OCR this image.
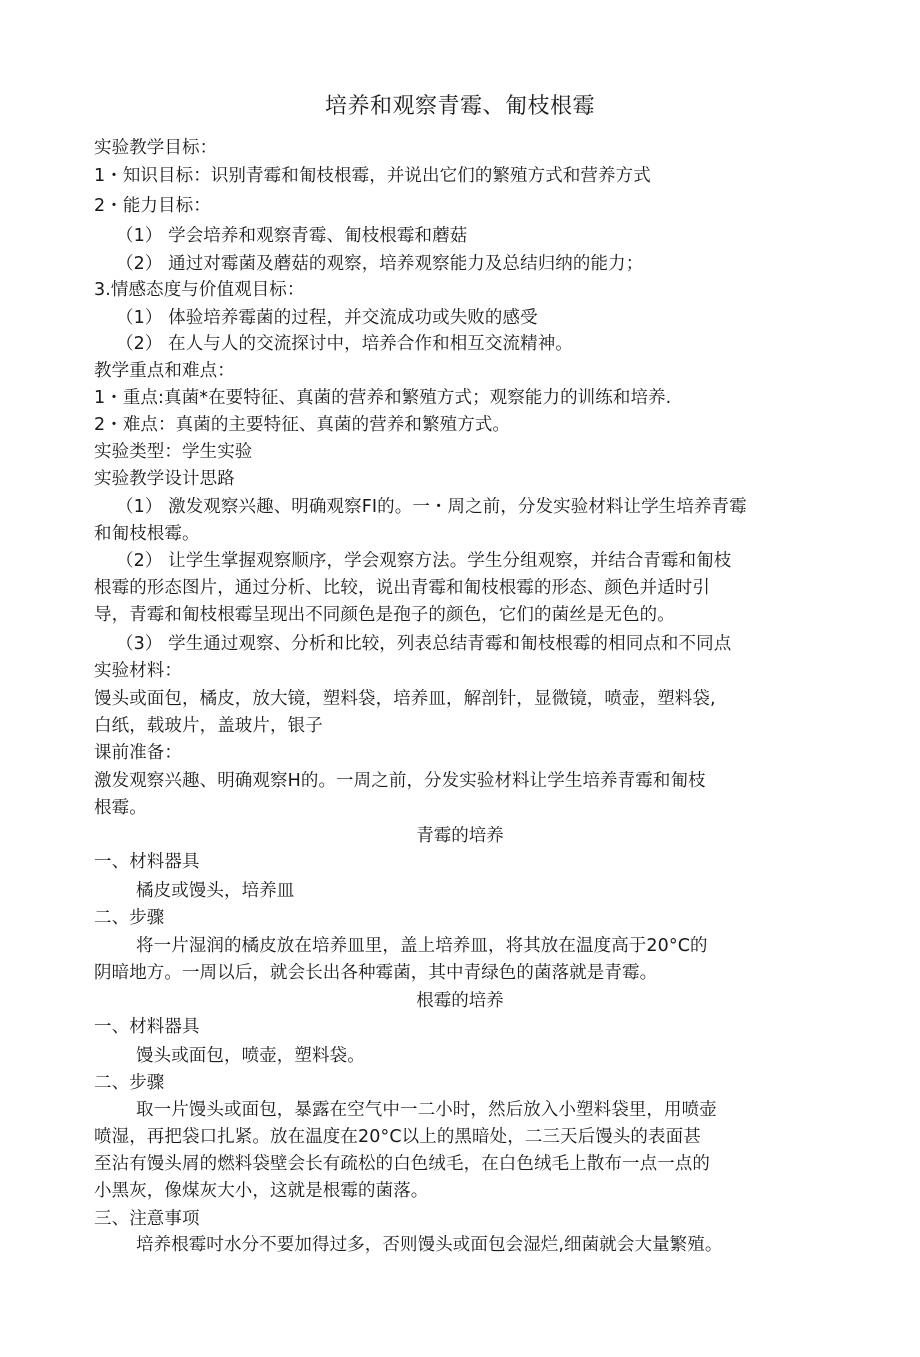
培养和观察青霉、匍枝根霉
实验教学目标：
1・知识目标：识别青霉和匍枝根霉，并说出它们的繁殖方式和营养方式
2・能力目标：
（1） 学会培养和观察青霉、匍枝根霉和蘑菇
（2） 通过对霉菌及蘑菇的观察，培养观察能力及总结归纳的能力；
3.情感态度与价值观目标：
（1） 体验培养霉菌的过程，并交流成功或失败的感受
（2） 在人与人的交流探讨中，培养合作和相互交流精神。
教学重点和难点：
1・重点:真菌*在要特征、真菌的营养和繁殖方式；观察能力的训练和培养.
2・难点：真菌的主要特征、真菌的营养和繁殖方式。
实验类型：学生实验
实验教学设计思路
（1） 激发观察兴趣、明确观察FI的。一・周之前，分发实验材料让学生培养青霉
和匍枝根霉。
（2） 让学生掌握观察顺序，学会观察方法。学生分组观察，并结合青霉和匍枝
根霉的形态图片，通过分析、比较，说出青霉和匍枝根霉的形态、颜色并适时引
导，青霉和匍枝根霉呈现出不同颜色是孢子的颜色，它们的菌丝是无色的。
（3） 学生通过观察、分析和比较，列表总结青霉和匍枝根霉的相同点和不同点
实验材料：
馒头或面包，橘皮，放大镜，塑料袋，培养皿，解剖针，显微镜，喷壶，塑料袋,
白纸，载玻片，盖玻片，银子
课前准备：
激发观察兴趣、明确观察H的。一周之前，分发实验材料让学生培养青霉和匍枝
根霉。
青霉的培养
一、材料器具
橘皮或馒头，培养皿
二、步骤
将一片湿润的橘皮放在培养皿里，盖上培养皿，将其放在温度高于20°C的
阴暗地方。一周以后，就会长出各种霉菌，其中青绿色的菌落就是青霉。
根霉的培养
一、材料器具
馒头或面包，喷壶，塑料袋。
二、步骤
取一片馒头或面包，暴露在空气中一二小时，然后放入小塑料袋里，用喷壶
喷湿，再把袋口扎紧。放在温度在20°C以上的黑暗处，二三天后馒头的表面甚
至沾有馒头屑的燃料袋壁会长有疏松的白色绒毛，在白色绒毛上散布一点一点的
小黑灰，像煤灰大小，这就是根霉的菌落。
三、注意事项
培养根霉吋水分不要加得过多，否则馒头或面包会湿烂,细菌就会大量繁殖。
